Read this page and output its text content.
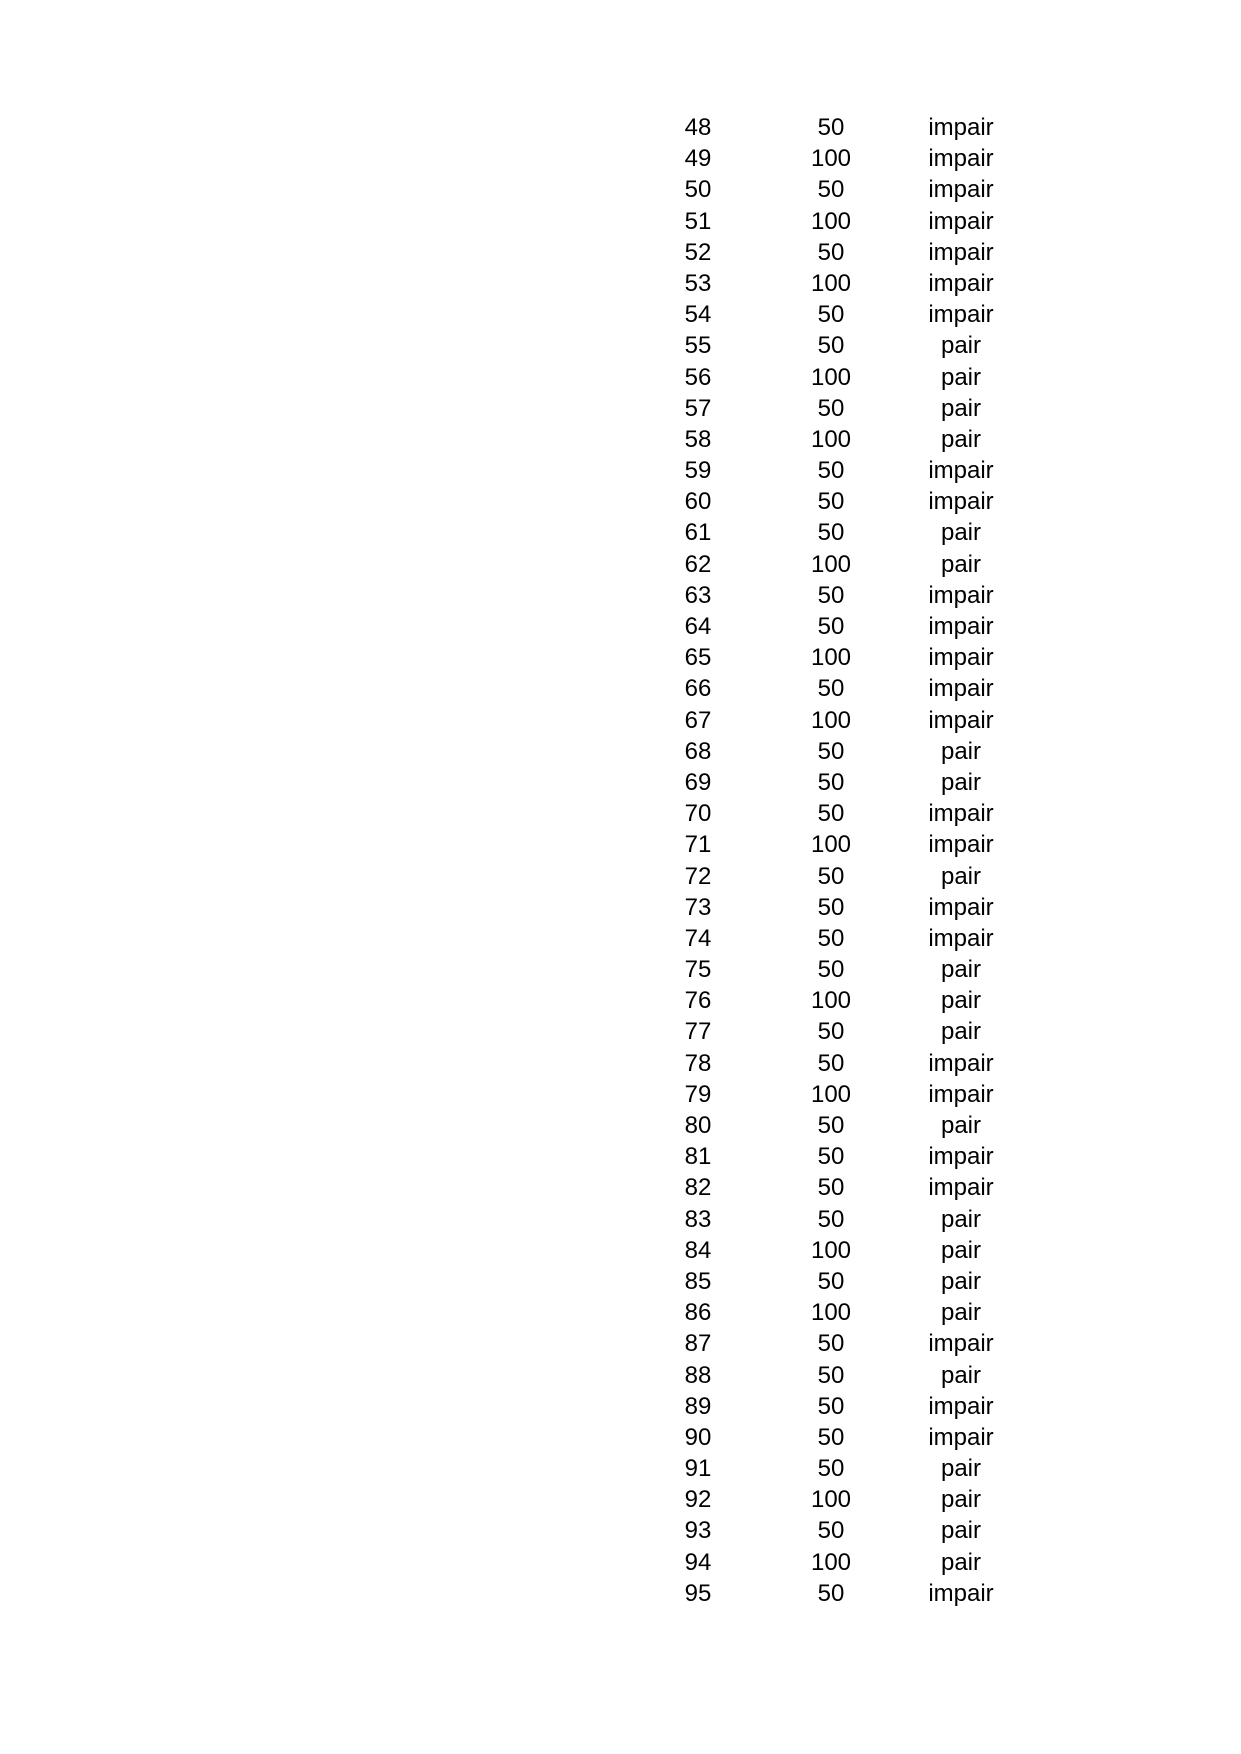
48	50	impair
49	100	impair
50	50	impair
51	100	impair
52	50	impair
53	100	impair
54	50	impair
55	50	pair
56	100	pair
57	50	pair
58	100	pair
59	50	impair
60	50	impair
61	50	pair
62	100	pair
63	50	impair
64	50	impair
65	100	impair
66	50	impair
67	100	impair
68	50	pair
69	50	pair
70	50	impair
71	100	impair
72	50	pair
73	50	impair
74	50	impair
75	50	pair
76	100	pair
77	50	pair
78	50	impair
79	100	impair
80	50	pair
81	50	impair
82	50	impair
83	50	pair
84	100	pair
85	50	pair
86	100	pair
87	50	impair
88	50	pair
89	50	impair
90	50	impair
91	50	pair
92	100	pair
93	50	pair
94	100	pair
95	50	impair
